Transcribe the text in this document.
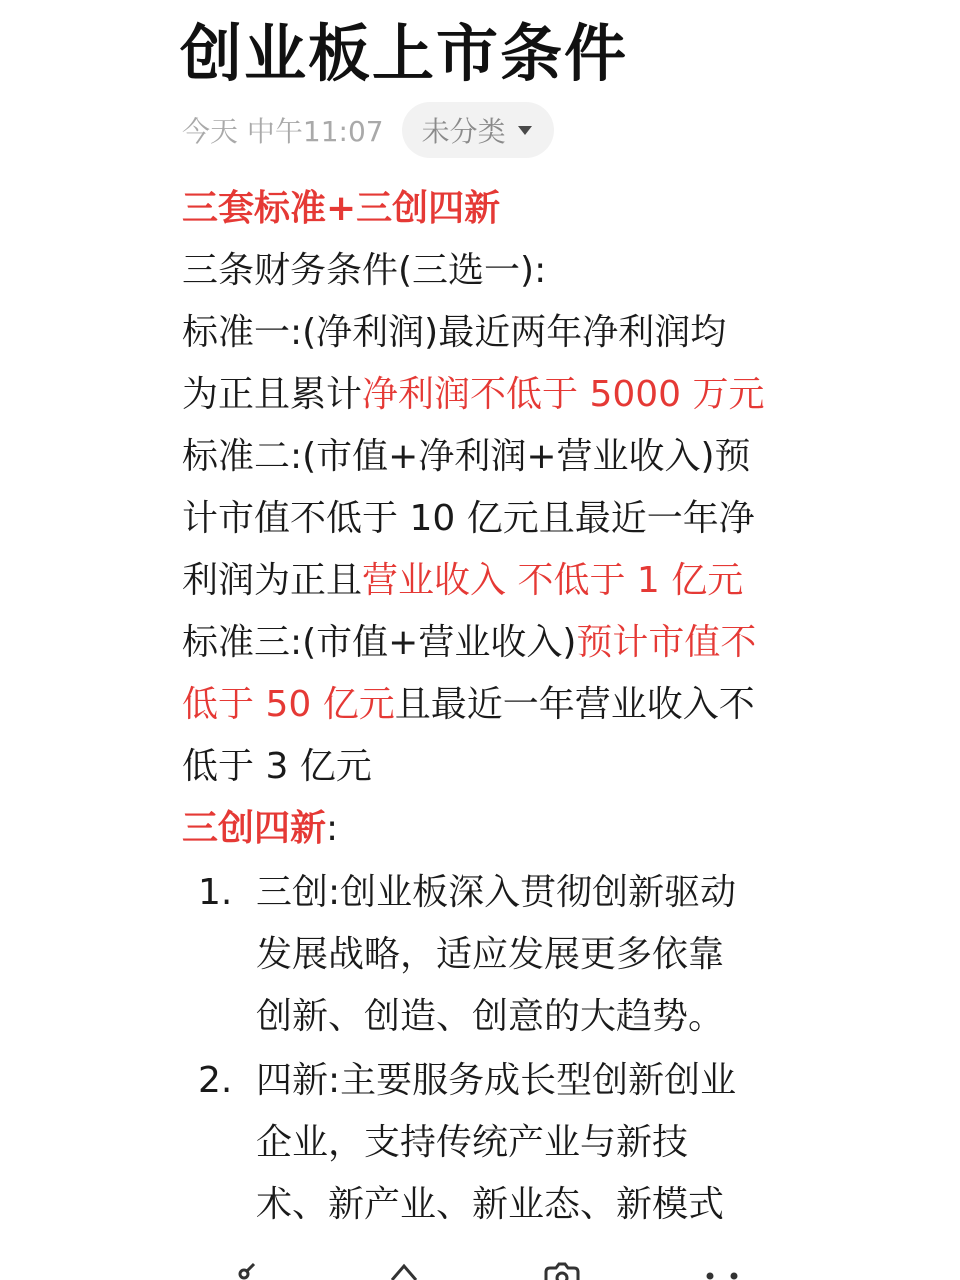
创业板上市条件
今天 中午11:07 未分类
三套标准+三创四新
三条财务条件(三选一):
标准一:(净利润)最近两年净利润均
为正且累计净利润不低于 5000 万元
标准二:(市值+净利润+营业收入)预
计市值不低于 10 亿元且最近一年净
利润为正且营业收入 不低于 1 亿元
标准三:(市值+营业收入)预计市值不
低于 50 亿元且最近一年营业收入不
低于 3 亿元
三创四新:
1. 三创:创业板深入贯彻创新驱动
发展战略，适应发展更多依靠
创新、创造、创意的大趋势。
2. 四新:主要服务成长型创新创业
企业，支持传统产业与新技
术、新产业、新业态、新模式
